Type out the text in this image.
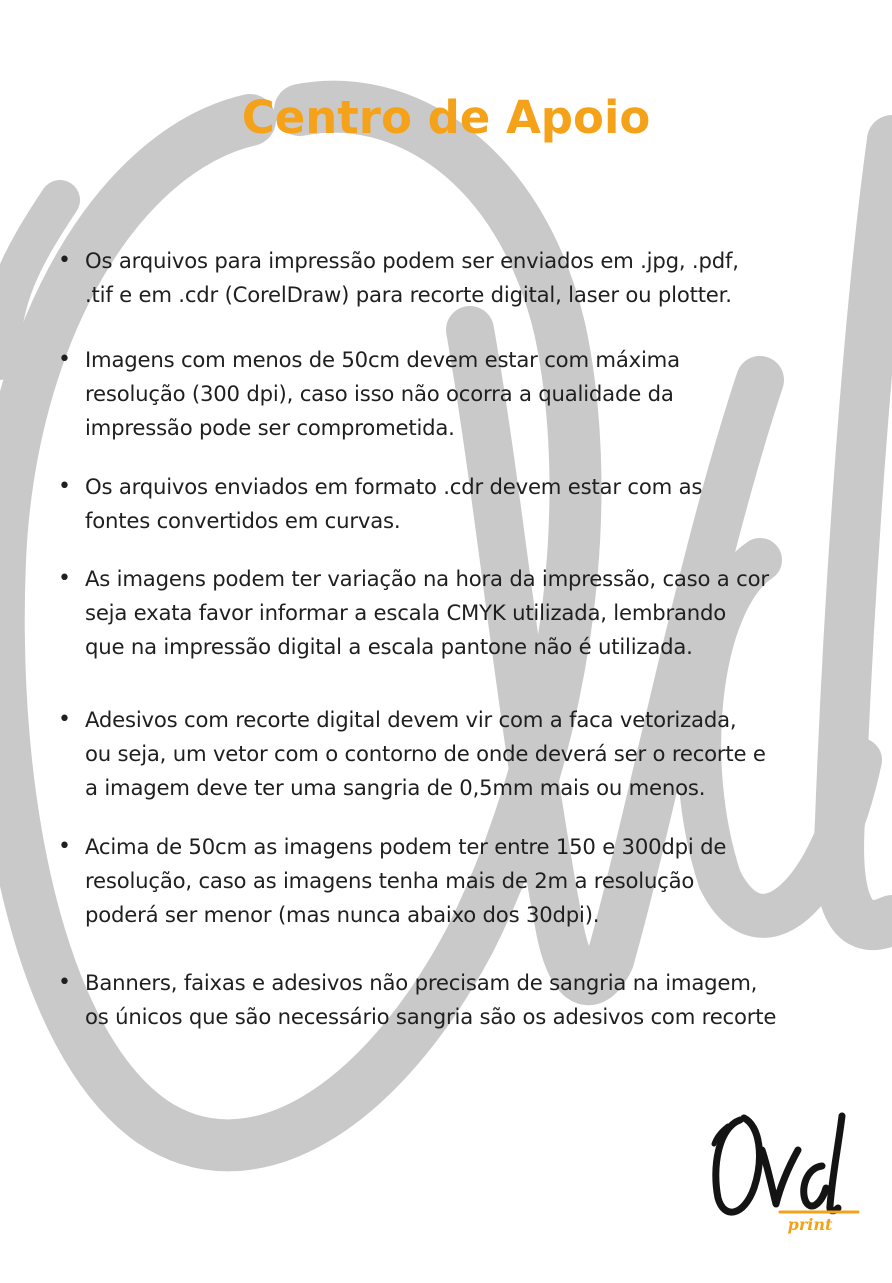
Centro de Apoio
• Os arquivos para impressão podem ser enviados em .jpg, .pdf,
.tif e em .cdr (CorelDraw) para recorte digital, laser ou plotter.
• Imagens com menos de 50cm devem estar com máxima
resolução (300 dpi), caso isso não ocorra a qualidade da
impressão pode ser comprometida.
• Os arquivos enviados em formato .cdr devem estar com as
fontes convertidos em curvas.
• As imagens podem ter variação na hora da impressão, caso a cor
seja exata favor informar a escala CMYK utilizada, lembrando
que na impressão digital a escala pantone não é utilizada.
• Adesivos com recorte digital devem vir com a faca vetorizada,
ou seja, um vetor com o contorno de onde deverá ser o recorte e
a imagem deve ter uma sangria de 0,5mm mais ou menos.
• Acima de 50cm as imagens podem ter entre 150 e 300dpi de
resolução, caso as imagens tenha mais de 2m a resolução
poderá ser menor (mas nunca abaixo dos 30dpi).
• Banners, faixas e adesivos não precisam de sangria na imagem,
os únicos que são necessário sangria são os adesivos com recorte
print
